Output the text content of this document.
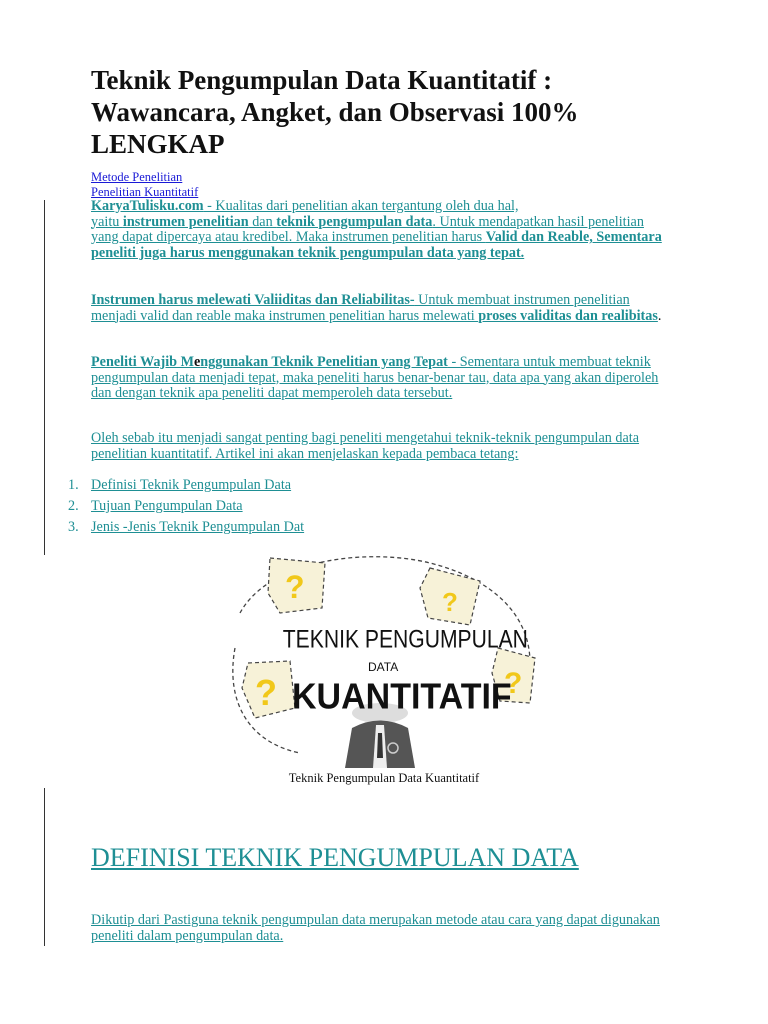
Teknik Pengumpulan Data Kuantitatif : Wawancara, Angket, dan Observasi 100% LENGKAP
Metode Penelitian
Penelitian Kuantitatif

KaryaTulisku.com - Kualitas dari penelitian akan tergantung oleh dua hal,
yaitu instrumen penelitian dan teknik pengumpulan data. Untuk mendapatkan hasil penelitian yang dapat dipercaya atau kredibel. Maka instrumen penelitian harus Valid dan Reable, Sementara peneliti juga harus menggunakan teknik pengumpulan data yang tepat.

Instrumen harus melewati Valiiditas dan Reliabilitas- Untuk membuat instrumen penelitian menjadi valid dan reable maka instrumen penelitian harus melewati proses validitas dan realibitas.

Peneliti Wajib Menggunakan Teknik Penelitian yang Tepat - Sementara untuk membuat teknik pengumpulan data menjadi tepat, maka peneliti harus benar-benar tau, data apa yang akan diperoleh dan dengan teknik apa peneliti dapat memperoleh data tersebut.

Oleh sebab itu menjadi sangat penting bagi peneliti mengetahui teknik-teknik pengumpulan data penelitian kuantitatif. Artikel ini akan menjelaskan kepada pembaca tetang:

1. Definisi Teknik Pengumpulan Data
2. Tujuan Pengumpulan Data
3. Jenis -Jenis Teknik Pengumpulan Dat
?	?
?	?
TEKNIK PENGUMPULAN
DATA
KUANTITATIF
Teknik Pengumpulan Data Kuantitatif
DEFINISI TEKNIK PENGUMPULAN DATA

Dikutip dari Pastiguna teknik pengumpulan data merupakan metode atau cara yang dapat digunakan peneliti dalam pengumpulan data.
